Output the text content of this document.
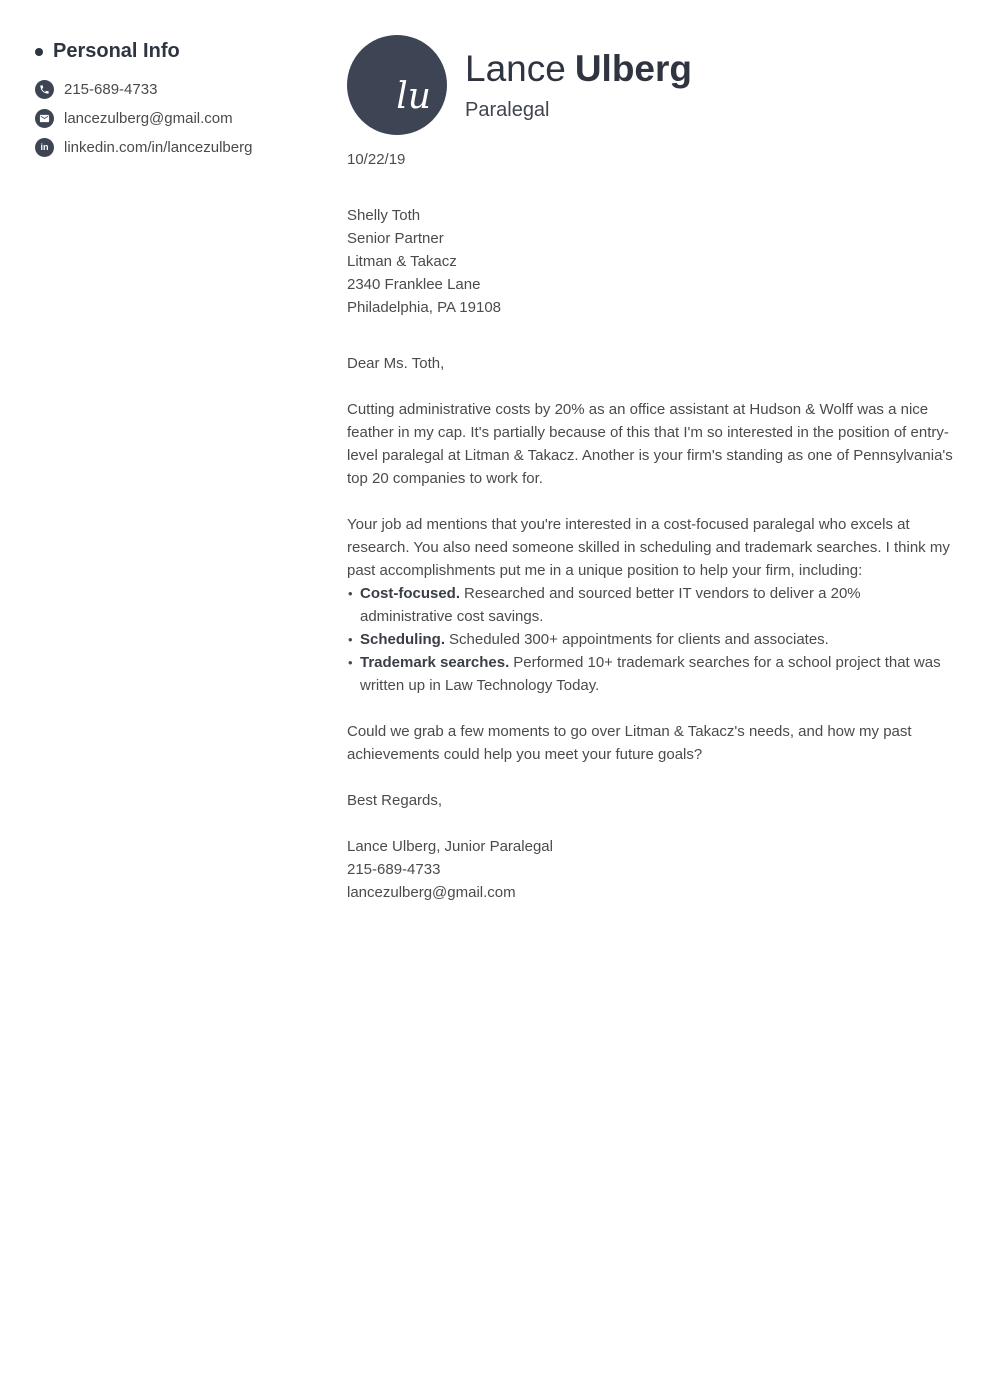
Personal Info
215-689-4733
lancezulberg@gmail.com
in linkedin.com/in/lancezulberg
lu
Lance Ulberg
Paralegal
10/22/19
Shelly Toth
Senior Partner
Litman & Takacz
2340 Franklee Lane
Philadelphia, PA 19108
Dear Ms. Toth,

Cutting administrative costs by 20% as an office assistant at Hudson & Wolff was a nice feather in my cap. It's partially because of this that I'm so interested in the position of entry-level paralegal at Litman & Takacz. Another is your firm's standing as one of Pennsylvania's top 20 companies to work for.

Your job ad mentions that you're interested in a cost-focused paralegal who excels at research. You also need someone skilled in scheduling and trademark searches. I think my past accomplishments put me in a unique position to help your firm, including:

• Cost-focused. Researched and sourced better IT vendors to deliver a 20% administrative cost savings.
• Scheduling. Scheduled 300+ appointments for clients and associates.
• Trademark searches. Performed 10+ trademark searches for a school project that was written up in Law Technology Today.

Could we grab a few moments to go over Litman & Takacz's needs, and how my past achievements could help you meet your future goals?

Best Regards,
Lance Ulberg, Junior Paralegal
215-689-4733
lancezulberg@gmail.com
